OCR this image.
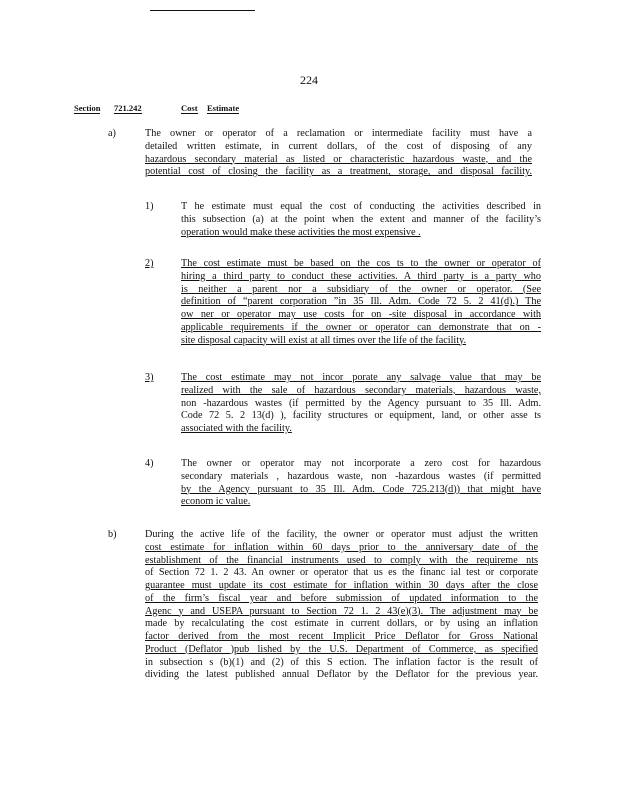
224
Section 721.242	Cost Estimate
a)	The owner or operator of a reclamation or intermediate facility must have a
detailed written estimate, in current dollars, of the cost of disposing of any
hazardous secondary material as listed or characteristic hazardous waste, and the
potential cost of closing the facility as a treatment, storage, and disposal facility.
1)	T he estimate must equal the cost of conducting the activities described in
this subsection (a) at the point when the extent and manner of the facility’s
operation would make these activities the most expensive .
2)	The cost estimate must be based on the cos ts to the owner or operator of
hiring a third party to conduct these activities. A third party is a party who
is neither a parent nor a subsidiary of the owner or operator. (See
definition of “parent corporation ”in 35 Ill. Adm. Code 72 5. 2 41(d).) The
ow ner or operator may use costs for on -site disposal in accordance with
applicable requirements if the owner or operator can demonstrate that on -
site disposal capacity will exist at all times over the life of the facility.
3)	The cost estimate may not incor porate any salvage value that may be
realized with the sale of hazardous secondary materials, hazardous waste,
non -hazardous wastes (if permitted by the Agency pursuant to 35 Ill. Adm.
Code 72 5. 2 13(d) ), facility structures or equipment, land, or other asse ts
associated with the facility.
4)	The owner or operator may not incorporate a zero cost for hazardous
secondary materials , hazardous waste, non -hazardous wastes (if permitted
by the Agency pursuant to 35 Ill. Adm. Code 725.213(d)) that might have
econom ic value.
b)	During the active life of the facility, the owner or operator must adjust the written
cost estimate for inflation within 60 days prior to the anniversary date of the
establishment of the financial instruments used to comply with the requireme nts
of Section 72 1. 2 43. An owner or operator that us es the financ ial test or corporate
guarantee must update its cost estimate for inflation within 30 days after the close
of the firm’s fiscal year and before submission of updated information to the
Agenc y and USEPA pursuant to Section 72 1. 2 43(e)(3). The adjustment may be
made by recalculating the cost estimate in current dollars, or by using an inflation
factor derived from the most recent Implicit Price Deflator for Gross National
Product (Deflator )pub lished by the U.S. Department of Commerce, as specified
in subsection s (b)(1) and (2) of this S ection. The inflation factor is the result of
dividing the latest published annual Deflator by the Deflator for the previous year.
